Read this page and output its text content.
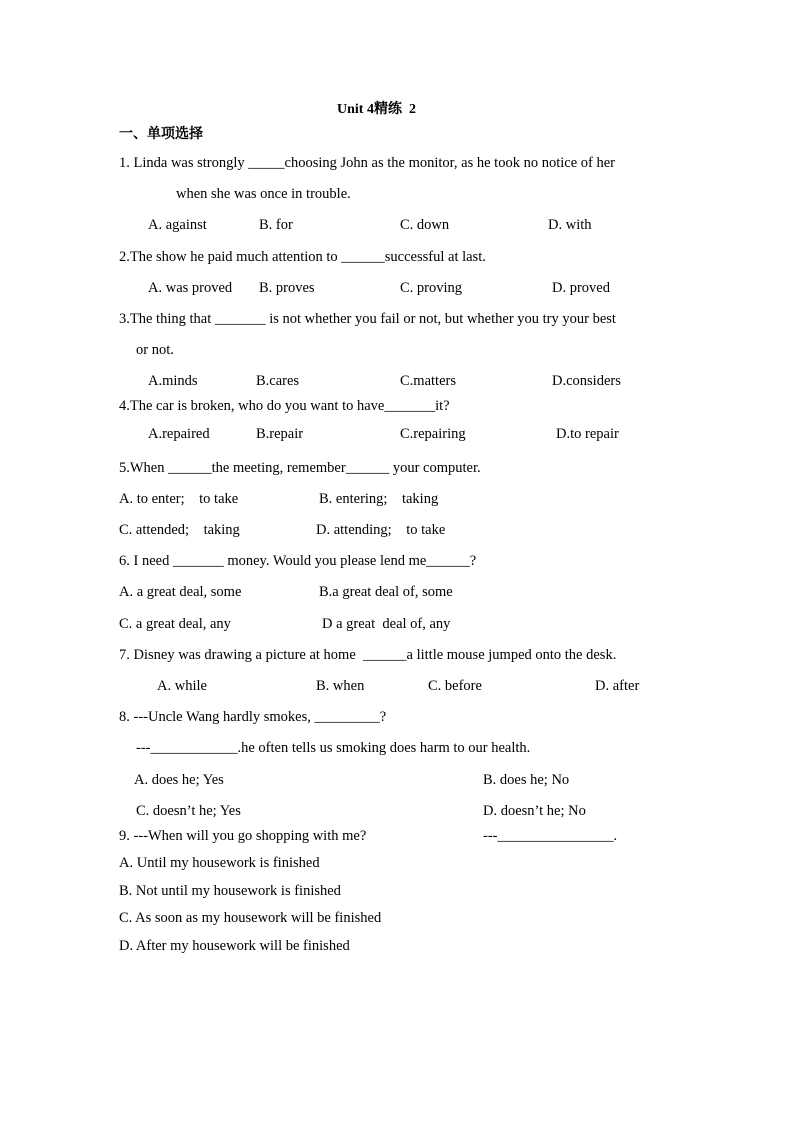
Unit 4精练  2
一、单项选择
1. Linda was strongly _____choosing John as the monitor, as he took no notice of her
when she was once in trouble.
A. against	B. for	C. down	D. with
2.The show he paid much attention to ______successful at last.
A. was proved B. proves	C. proving	D. proved
3.The thing that _______ is not whether you fail or not, but whether you try your best
or not.
A.minds	B.cares	C.matters	D.considers
4.The car is broken, who do you want to have_______it?
A.repaired	B.repair	C.repairing	D.to repair
5.When ______the meeting, remember______ your computer.
A. to enter;    to take	B. entering;    taking
C. attended;    taking	D. attending;    to take
6. I need _______ money. Would you please lend me______?
A. a great deal, some	B.a great deal of, some
C. a great deal, any	D a great  deal of, any
7. Disney was drawing a picture at home  ______a little mouse jumped onto the desk.
A. while	B. when	C. before	D. after
8. ---Uncle Wang hardly smokes, _________?
---____________.he often tells us smoking does harm to our health.
A. does he; Yes	B. does he; No
C. doesn’t he; Yes	D. doesn’t he; No
9. ---When will you go shopping with me?	---________________.
A. Until my housework is finished
B. Not until my housework is finished
C. As soon as my housework will be finished
D. After my housework will be finished
